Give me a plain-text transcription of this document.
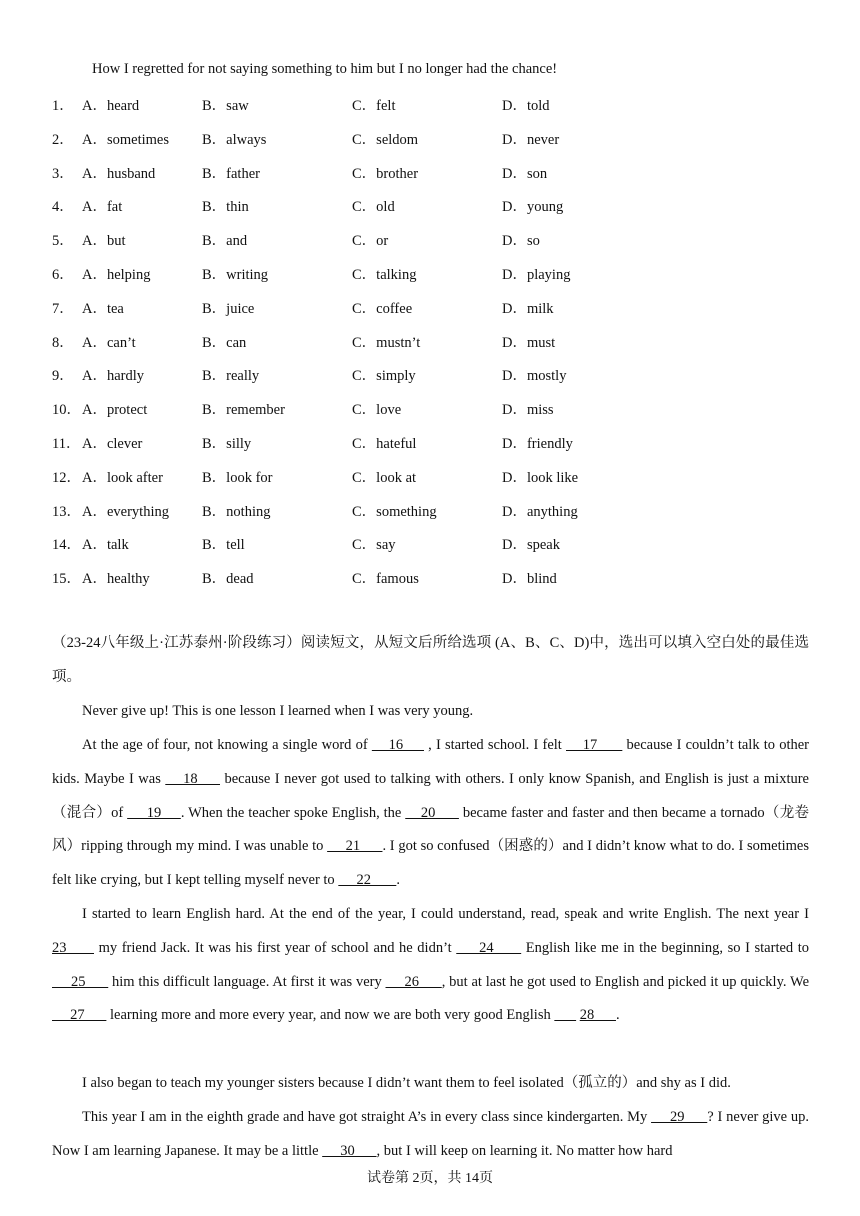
How I regretted for not saying something to him but I no longer had the chance!
1． A．heard	B．saw	C．felt	D．told
2． A．sometimes B．always	C．seldom	D．never
3． A．husband	B．father	C．brother	D．son
4． A．fat	B．thin	C．old	D．young
5． A．but	B．and	C．or	D．so
6． A．helping	B．writing	C．talking	D．playing
7． A．tea	B．juice	C．coffee	D．milk
8． A．can’t	B．can	C．mustn’t	D．must
9． A．hardly	B．really	C．simply	D．mostly
10． A．protect	B．remember	C．love	D．miss
11． A．clever	B．silly	C．hateful	D．friendly
12． A．look after	B．look for	C．look at	D．look like
13． A．everything B．nothing	C．something	D．anything
14． A．talk	B．tell	C．say	D．speak
15． A．healthy	B．dead	C．famous	D．blind

（23-24八年级上·江苏泰州·阶段练习）阅读短文，从短文后所给选项 (A、B、C、D)中，选出可以填入空白处的最佳选项。

Never give up! This is one lesson I learned when I was very young.

At the age of four, not knowing a single word of     16      , I started school. I felt     17       because I couldn’t talk to other kids. Maybe I was     18      because I never got used to talking with others. I only know Spanish, and English is just a mixture （混合）of      19     . When the teacher spoke English, the     20       became faster and faster and then became a tornado（龙卷风）ripping through my mind. I was unable to      21      . I got so confused（困惑的）and I didn’t know what to do. I sometimes felt like crying, but I kept telling myself never to      22       .

I started to learn English hard. At the end of the year, I could understand, read, speak and write English. The next year I 23       my friend Jack. It was his first year of school and he didn’t      24       English like me in the beginning, so I started to      25       him this difficult language. At first it was very      26      , but at last he got used to English and picked it up quickly. We      27       learning more and more every year, and now we are both very good English        28      .

I also began to teach my younger sisters because I didn’t want them to feel isolated（孤立的）and shy as I did.

This year I am in the eighth grade and have got straight A’s in every class since kindergarten. My      29      ? I never give up. Now I am learning Japanese. It may be a little      30      , but I will keep on learning it. No matter how hard

试卷第 2页，共 14页
